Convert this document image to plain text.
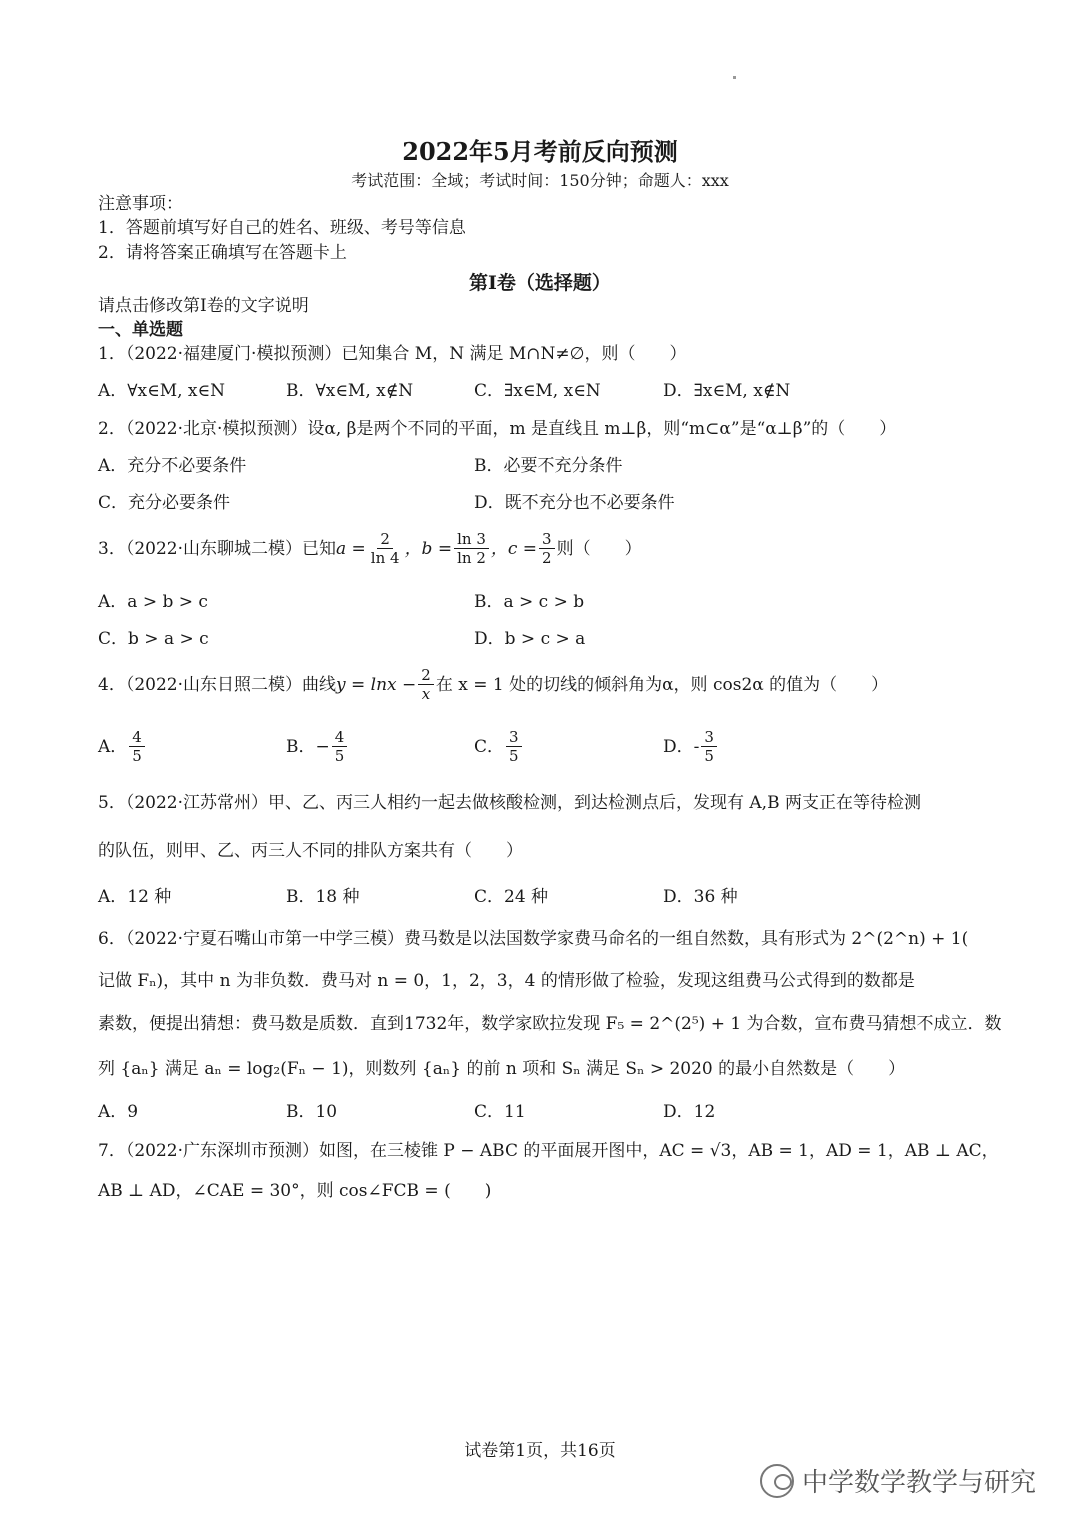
2022年5月考前反向预测
考试范围：全域；考试时间：150分钟；命题人：xxx
注意事项：
1．答题前填写好自己的姓名、班级、考号等信息
2．请将答案正确填写在答题卡上
第I卷（选择题）
请点击修改第I卷的文字说明
一、单选题
1．（2022·福建厦门·模拟预测）已知集合 M，N 满足 M∩N≠∅，则（　　）
A．∀x∈M, x∈N	B．∀x∈M, x∉N	C．∃x∈M, x∈N	D．∃x∈M, x∉N
2．（2022·北京·模拟预测）设α, β是两个不同的平面，m 是直线且 m⊥β，则“m⊂α”是“α⊥β”的（　　）
A．充分不必要条件	B．必要不充分条件
C．充分必要条件	D．既不充分也不必要条件
3．（2022·山东聊城二模）已知 $a = \frac{2}{\ln 4}$ ，$b = \frac{\ln 3}{\ln 2}$ ，$c = \frac{3}{2}$ 则（　　）
A．a > b > c	B．a > c > b
C．b > a > c	D．b > c > a
4．（2022·山东日照二模）曲线 $y = \ln x - \frac{2}{x}$ 在 x = 1 处的切线的倾斜角为α，则 cos2α 的值为（　　）
A． $\frac{4}{5}$	B． − $\frac{4}{5}$	C． $\frac{3}{5}$	D． - $\frac{3}{5}$
5．（2022·江苏常州）甲、乙、丙三人相约一起去做核酸检测，到达检测点后，发现有 A,B 两支正在等待检测
的队伍，则甲、乙、丙三人不同的排队方案共有（　　）
A．12 种	B．18 种	C．24 种	D．36 种
6．（2022·宁夏石嘴山市第一中学三模）费马数是以法国数学家费马命名的一组自然数，具有形式为 2^(2^n) + 1(
记做 Fₙ)，其中 n 为非负数．费马对 n = 0，1，2，3，4 的情形做了检验，发现这组费马公式得到的数都是
素数，便提出猜想：费马数是质数．直到1732年，数学家欧拉发现 F₅ = 2^(2⁵) + 1 为合数，宣布费马猜想不成立．数
列 {aₙ} 满足 aₙ = log₂(Fₙ − 1)，则数列 {aₙ} 的前 n 项和 Sₙ 满足 Sₙ > 2020 的最小自然数是（　　）
A．9	B．10	C．11	D．12
7．（2022·广东深圳市预测）如图，在三棱锥 P − ABC 的平面展开图中，AC = √3，AB = 1，AD = 1，AB ⊥ AC，
AB ⊥ AD，∠CAE = 30°，则 cos∠FCB = (　　)
试卷第1页，共16页
中学数学教学与研究
